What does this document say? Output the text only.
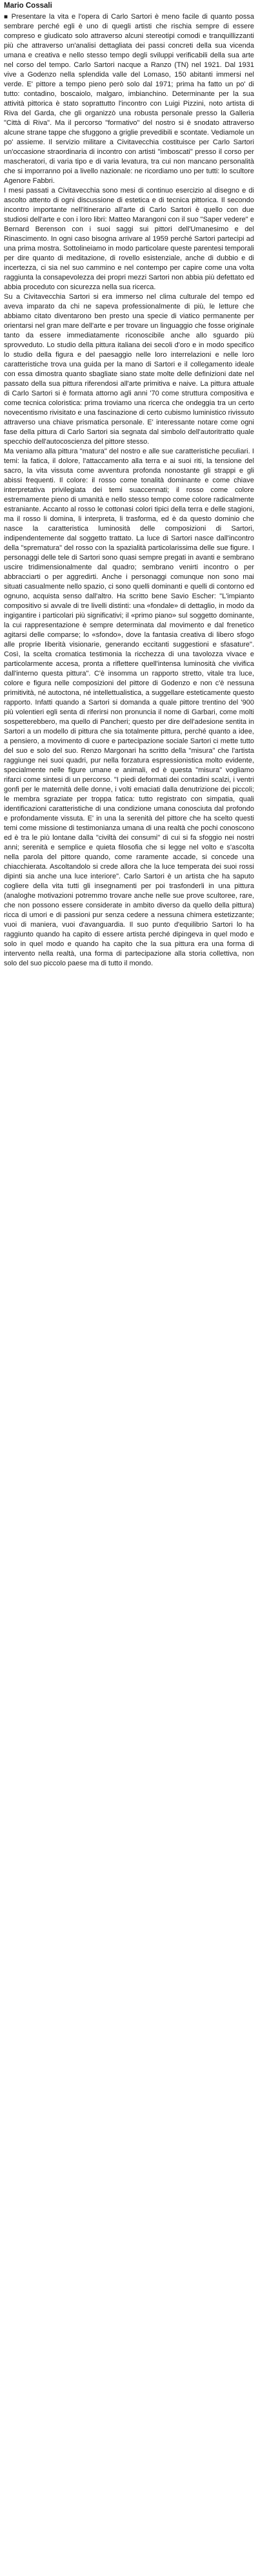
Mario Cossali

■ Presentare la vita e l'opera di Carlo Sartori è meno facile di quanto possa sembrare perché egli è uno di quegli artisti che rischia sempre di essere compreso e giudicato solo attraverso alcuni stereotipi comodi e tranquillizzanti più che attraverso un'analisi dettagliata dei passi concreti della sua vicenda umana e creativa e nello stesso tempo degli sviluppi verificabili della sua arte nel corso del tempo. Carlo Sartori nacque a Ranzo (TN) nel 1921. Dal 1931 vive a Godenzo nella splendida valle del Lomaso, 150 abitanti immersi nel verde. E' pittore a tempo pieno però solo dal 1971; prima ha fatto un po' di tutto: contadino, boscaiolo, malgaro, imbianchino. Determinante per la sua attività pittorica è stato soprattutto l'incontro con Luigi Pizzini, noto artista di Riva del Garda, che gli organizzò una robusta personale presso la Galleria "Città di Riva". Ma il percorso "formativo" del nostro si è snodato attraverso alcune strane tappe che sfuggono a griglie prevedibili e scontate. Vediamole un po' assieme. Il servizio militare a Civitavecchia costituisce per Carlo Sartori un'occasione straordinaria di incontro con artisti "imboscati" presso il corso per mascheratori, di varia tipo e di varia levatura, tra cui non mancano personalità che si imporranno poi a livello nazionale: ne ricordiamo uno per tutti: lo scultore Agenore Fabbri.

I mesi passati a Civitavecchia sono mesi di continuo esercizio al disegno e di ascolto attento di ogni discussione di estetica e di tecnica pittorica. Il secondo incontro importante nell'itinerario all'arte di Carlo Sartori è quello con due studiosi dell'arte e con i loro libri: Matteo Marangoni con il suo "Saper vedere" e Bernard Berenson con i suoi saggi sui pittori dell'Umanesimo e del Rinascimento. In ogni caso bisogna arrivare al 1959 perché Sartori partecipi ad una prima mostra. Sottolineiamo in modo particolare queste parentesi temporali per dire quanto di meditazione, di rovello esistenziale, anche di dubbio e di incertezza, ci sia nel suo cammino e nel contempo per capire come una volta raggiunta la consapevolezza dei propri mezzi Sartori non abbia più defettato ed abbia proceduto con sicurezza nella sua ricerca.

Su a Civitavecchia Sartori si era immerso nel clima culturale del tempo ed aveva imparato da chi ne sapeva professionalmente di più, le letture che abbiamo citato diventarono ben presto una specie di viatico permanente per orientarsi nel gran mare dell'arte e per trovare un linguaggio che fosse originale tanto da essere immediatamente riconoscibile anche allo sguardo più sprovveduto. Lo studio della pittura italiana dei secoli d'oro e in modo specifico lo studio della figura e del paesaggio nelle loro interrelazioni e nelle loro caratteristiche trova una guida per la mano di Sartori e il collegamento ideale con essa dimostra quanto sbagliate siano state molte delle definizioni date nel passato della sua pittura riferendosi all'arte primitiva e naive. La pittura attuale di Carlo Sartori si è formata attorno agli anni '70 come struttura compositiva e come tecnica coloristica: prima troviamo una ricerca che ondeggia tra un certo novecentismo rivisitato e una fascinazione di certo cubismo luministico rivissuto attraverso una chiave prismatica personale. E' interessante notare come ogni fase della pittura di Carlo Sartori sia segnata dal simbolo dell'autoritratto quale specchio dell'autocoscienza del pittore stesso.

Ma veniamo alla pittura "matura" del nostro e alle sue caratteristiche peculiari. I temi: la fatica, il dolore, l'attaccamento alla terra e ai suoi riti, la tensione del sacro, la vita vissuta come avventura profonda nonostante gli strappi e gli abissi frequenti. Il colore: il rosso come tonalità dominante e come chiave interpretativa privilegiata dei temi suaccennati; il rosso come colore estremamente pieno di umanità e nello stesso tempo come colore radicalmente estraniante. Accanto al rosso le cottonasi colori tipici della terra e delle stagioni, ma il rosso li domina, li interpreta, li trasforma, ed è da questo dominio che nasce la caratteristica luminosità delle composizioni di Sartori, indipendentemente dal soggetto trattato. La luce di Sartori nasce dall'incontro della "sprematura" del rosso con la spazialità particolarissima delle sue figure. I personaggi delle tele di Sartori sono quasi sempre pregati in avanti e sembrano uscire tridimensionalmente dal quadro; sembrano venirti incontro o per abbracciarti o per aggredirti. Anche i personaggi comunque non sono mai situati casualmente nello spazio, ci sono quelli dominanti e quelli di contorno ed ognuno, acquista senso dall'altro. Ha scritto bene Savio Escher: "L'impianto compositivo si avvale di tre livelli distinti: una «fondale» di dettaglio, in modo da ingigantire i particolari più significativi; il «primo piano» sul soggetto dominante, la cui rappresentazione è sempre determinata dal movimento e dal frenetico agitarsi delle comparse; lo «sfondo», dove la fantasia creativa di libero sfogo alle proprie liberità visionarie, generando eccitanti suggestioni e sfasature". Così, la scelta cromatica testimonia la ricchezza di una tavolozza vivace e particolarmente accesa, pronta a riflettere quell'intensa luminosità che vivifica dall'interno questa pittura". C'è insomma un rapporto stretto, vitale tra luce, colore e figura nelle composizioni del pittore di Godenzo e non c'è nessuna primitività, né autoctona, né intellettualistica, a suggellare esteticamente questo rapporto. Infatti quando a Sartori si domanda a quale pittore trentino del '900 più volentieri egli senta di riferirsi non pronuncia il nome di Garbari, come molti sospetterebbero, ma quello di Pancheri; questo per dire dell'adesione sentita in Sartori a un modello di pittura che sia totalmente pittura, perché quanto a idee, a pensiero, a movimento di cuore e partecipazione sociale Sartori ci mette tutto del suo e solo del suo. Renzo Margonari ha scritto della "misura" che l'artista raggiunge nei suoi quadri, pur nella forzatura espressionistica molto evidente, specialmente nelle figure umane e animali, ed è questa "misura" vogliamo rifarci come sintesi di un percorso. "I piedi deformati dei contadini scalzi, i ventri gonfi per le maternità delle donne, i volti emaciati dalla denutrizione dei piccoli; le membra sgraziate per troppa fatica: tutto registrato con simpatia, quali identificazioni caratteristiche di una condizione umana conosciuta dal profondo e profondamente vissuta. E' in una la serenità del pittore che ha scelto questi temi come missione di testimonianza umana di una realtà che pochi conoscono ed è tra le più lontane dalla "civiltà dei consumi" di cui si fa sfoggio nei nostri anni; serenità e semplice e quieta filosofia che si legge nel volto e s'ascolta nella parola del pittore quando, come raramente accade, si concede una chiacchierata. Ascoltandolo si crede allora che la luce temperata dei suoi rossi dipinti sia anche una luce interiore". Carlo Sartori è un artista che ha saputo cogliere della vita tutti gli insegnamenti per poi trasfonderli in una pittura (analoghe motivazioni potremmo trovare anche nelle sue prove scultoree, rare, che non possono essere considerate in ambito diverso da quello della pittura) ricca di umori e di passioni pur senza cedere a nessuna chimera estetizzante; vuoi di maniera, vuoi d'avanguardia. Il suo punto d'equilibrio Sartori lo ha raggiunto quando ha capito di essere artista perché dipingeva in quel modo e solo in quel modo e quando ha capito che la sua pittura era una forma di intervento nella realtà, una forma di partecipazione alla storia collettiva, non solo del suo piccolo paese ma di tutto il mondo.
